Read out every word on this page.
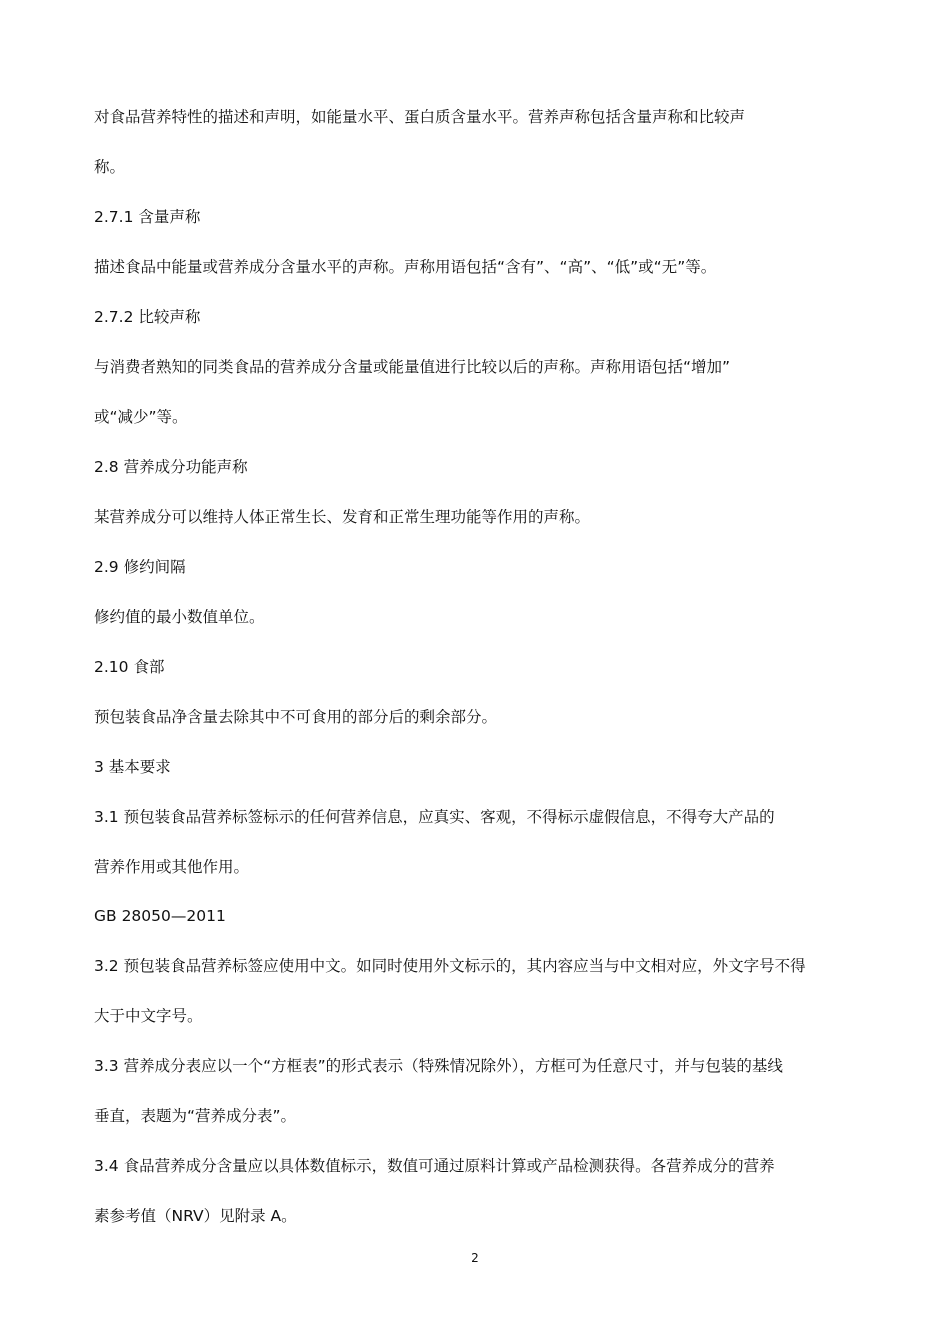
对食品营养特性的描述和声明，如能量水平、蛋白质含量水平。营养声称包括含量声称和比较声

称。

2.7.1 含量声称

描述食品中能量或营养成分含量水平的声称。声称用语包括“含有”、“高”、“低”或“无”等。

2.7.2 比较声称

与消费者熟知的同类食品的营养成分含量或能量值进行比较以后的声称。声称用语包括“增加”

或“减少”等。

2.8 营养成分功能声称

某营养成分可以维持人体正常生长、发育和正常生理功能等作用的声称。

2.9 修约间隔

修约值的最小数值单位。

2.10 食部

预包装食品净含量去除其中不可食用的部分后的剩余部分。

3 基本要求

3.1 预包装食品营养标签标示的任何营养信息，应真实、客观，不得标示虚假信息，不得夸大产品的

营养作用或其他作用。

GB 28050—2011

3.2 预包装食品营养标签应使用中文。如同时使用外文标示的，其内容应当与中文相对应，外文字号不得

大于中文字号。

3.3 营养成分表应以一个“方框表”的形式表示（特殊情况除外），方框可为任意尺寸，并与包装的基线

垂直，表题为“营养成分表”。

3.4 食品营养成分含量应以具体数值标示，数值可通过原料计算或产品检测获得。各营养成分的营养

素参考值（NRV）见附录 A。

2
